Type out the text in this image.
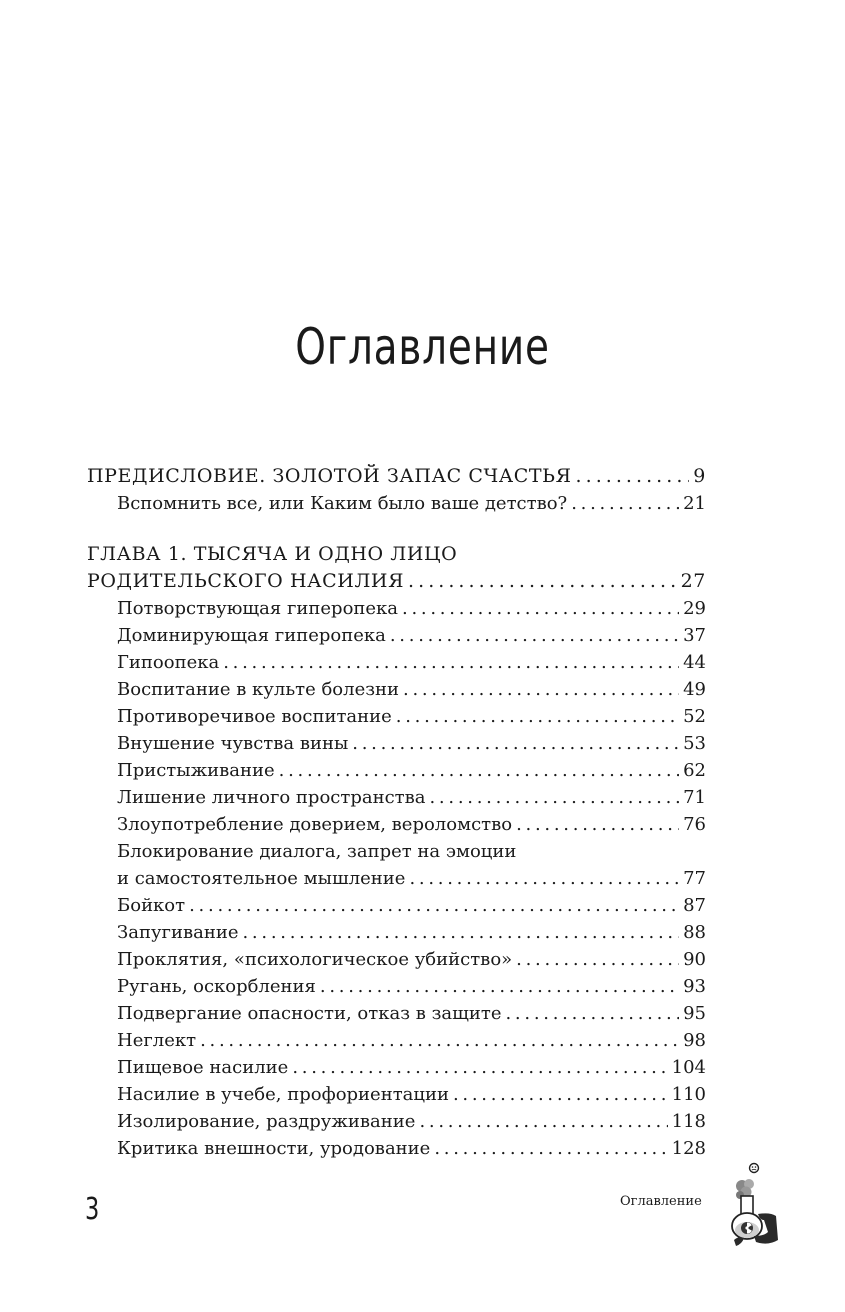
Оглавление
ПРЕДИСЛОВИЕ. ЗОЛОТОЙ ЗАПАС СЧАСТЬЯ . . .	9
Вспомнить все, или Каким было ваше детство? . . .	21
ГЛАВА 1. ТЫСЯЧА И ОДНО ЛИЦО
РОДИТЕЛЬСКОГО НАСИЛИЯ . . .	27
Потворствующая гиперопека . . .	29
Доминирующая гиперопека . . .	37
Гипоопека . . .	44
Воспитание в культе болезни . . .	49
Противоречивое воспитание . . .	52
Внушение чувства вины . . .	53
Пристыживание . . .	62
Лишение личного пространства . . .	71
Злоупотребление доверием, вероломство . . .	76
Блокирование диалога, запрет на эмоции
и самостоятельное мышление . . .	77
Бойкот . . .	87
Запугивание . . .	88
Проклятия, «психологическое убийство» . . .	90
Ругань, оскорбления . . .	93
Подвергание опасности, отказ в защите . . .	95
Неглект . . .	98
Пищевое насилие . . .	104
Насилие в учебе, профориентации . . .	110
Изолирование, раздруживание . . .	118
Критика внешности, уродование . . .	128
3	Оглавление
